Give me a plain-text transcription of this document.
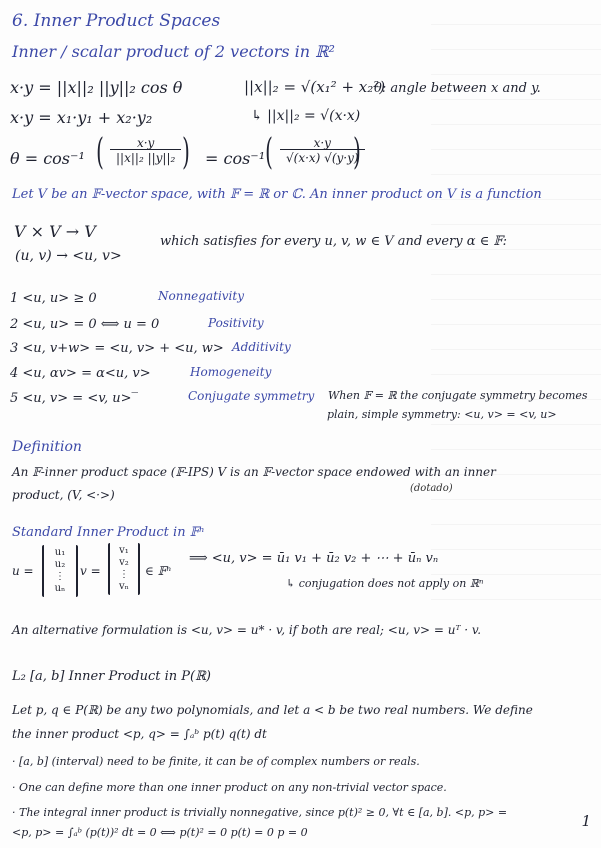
6. Inner Product Spaces
Inner / scalar product of 2 vectors in ℝ²
x·y = ||x||₂ ||y||₂ cos θ	||x||₂ = √(x₁² + x₂²)
θ: angle between x and y.
x·y = x₁·y₁ + x₂·y₂	↳ ||x||₂ = √(x·x)
θ = cos⁻¹ ( $\frac{x\cdot y}{\text{||x||₂ ||y||₂}}$ ) = cos⁻¹ ( $\frac{x\cdot y}{√(x\cdot x) √(y\cdot y)}$
)
Let V be an 𝔽-vector space, with 𝔽 = ℝ or ℂ. An inner product on V is a function
V × V → V
(u, v) → <u, v>
which satisfies for every u, v, w ∈ V and every α ∈ 𝔽:
1 <u, u> ≥ 0	Nonnegativity
2 <u, u> = 0 ⟺ u = 0	Positivity
3 <u, v+w> = <u, v> + <u, w> Additivity
4 <u, αv> = α<u, v>	Homogeneity
5 <u, v> = <v, u>‾	Conjugate symmetry When 𝔽 = ℝ the conjugate symmetry becomes
plain, simple symmetry: <u, v> = <v, u>
Definition
An 𝔽-inner product space (𝔽-IPS) V is an 𝔽-vector space endowed with an inner
product, (V, <·>)	(dotado)
Standard Inner Product in 𝔽ⁿ
u =
u₁
u₂
⋮
uₙ
v =
v₁
v₂
⋮
vₙ
∈ 𝔽ⁿ
⟹ <u, v> = ū₁ v₁ + ū₂ v₂ + ⋯ + ūₙ vₙ
↳ conjugation does not apply on ℝⁿ
An alternative formulation is <u, v> = u* · v, if both are real; <u, v> = uᵀ · v.
L₂ [a, b] Inner Product in P(ℝ)
Let p, q ∈ P(ℝ) be any two polynomials, and let a < b be two real numbers. We define
the inner product <p, q> = ∫ₐᵇ p(t) q(t) dt
· [a, b] (interval) need to be finite, it can be of complex numbers or reals.
· One can define more than one inner product on any non-trivial vector space.
· The integral inner product is trivially nonnegative, since p(t)² ≥ 0, ∀t ∈ [a, b]. <p, p> =
<p, p> = ∫ₐᵇ (p(t))² dt = 0 ⟺ p(t)² = 0 p(t) = 0 p = 0
1
